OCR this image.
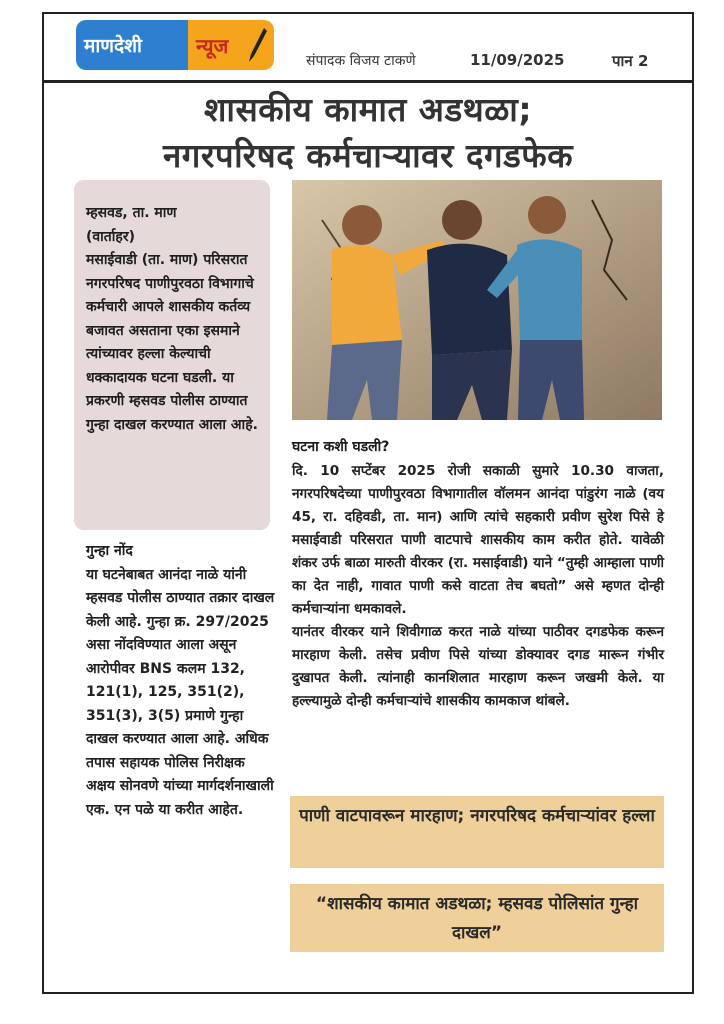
माणदेशी	न्यूज
संपादक विजय टाकणे	11/09/2025	पान 2
शासकीय कामात अडथळा;
नगरपरिषद कर्मचाऱ्यावर दगडफेक

म्हसवड, ता. माण

(वार्ताहर)

मसाईवाडी (ता. माण) परिसरात नगरपरिषद पाणीपुरवठा विभागाचे कर्मचारी आपले शासकीय कर्तव्य बजावत असताना एका इसमाने त्यांच्यावर हल्ला केल्याची धक्कादायक घटना घडली. या प्रकरणी म्हसवड पोलीस ठाण्यात गुन्हा दाखल करण्यात आला आहे.

घटना कशी घडली?

दि. 10 सप्टेंबर 2025 रोजी सकाळी सुमारे 10.30 वाजता, नगरपरिषदेच्या पाणीपुरवठा विभागातील वॉलमन आनंदा पांडुरंग नाळे (वय 45, रा. दहिवडी, ता. मान) आणि त्यांचे सहकारी प्रवीण सुरेश पिसे हे मसाईवाडी परिसरात पाणी वाटपाचे शासकीय काम करीत होते. यावेळी शंकर उर्फ बाळा मारुती वीरकर (रा. मसाईवाडी) याने “तुम्ही आम्हाला पाणी का देत नाही, गावात पाणी कसे वाटता तेच बघतो” असे म्हणत दोन्ही कर्मचाऱ्यांना धमकावले.

यानंतर वीरकर याने शिवीगाळ करत नाळे यांच्या पाठीवर दगडफेक करून मारहाण केली. तसेच प्रवीण पिसे यांच्या डोक्यावर दगड मारून गंभीर दुखापत केली. त्यांनाही कानशिलात मारहाण करून जखमी केले. या हल्ल्यामुळे दोन्ही कर्मचाऱ्यांचे शासकीय कामकाज थांबले.

गुन्हा नोंद

या घटनेबाबत आनंदा नाळे यांनी म्हसवड पोलीस ठाण्यात तक्रार दाखल केली आहे. गुन्हा क्र. 297/2025 असा नोंदविण्यात आला असून आरोपीवर BNS कलम 132, 121(1), 125, 351(2), 351(3), 3(5) प्रमाणे गुन्हा दाखल करण्यात आला आहे. अधिक तपास सहायक पोलिस निरीक्षक अक्षय सोनवणे यांच्या मार्गदर्शनाखाली एक. एन पळे या करीत आहेत.	पाणी वाटपावरून मारहाण; नगरपरिषद कर्मचाऱ्यांवर हल्ला
“शासकीय कामात अडथळा; म्हसवड पोलिसांत गुन्हा दाखल”
